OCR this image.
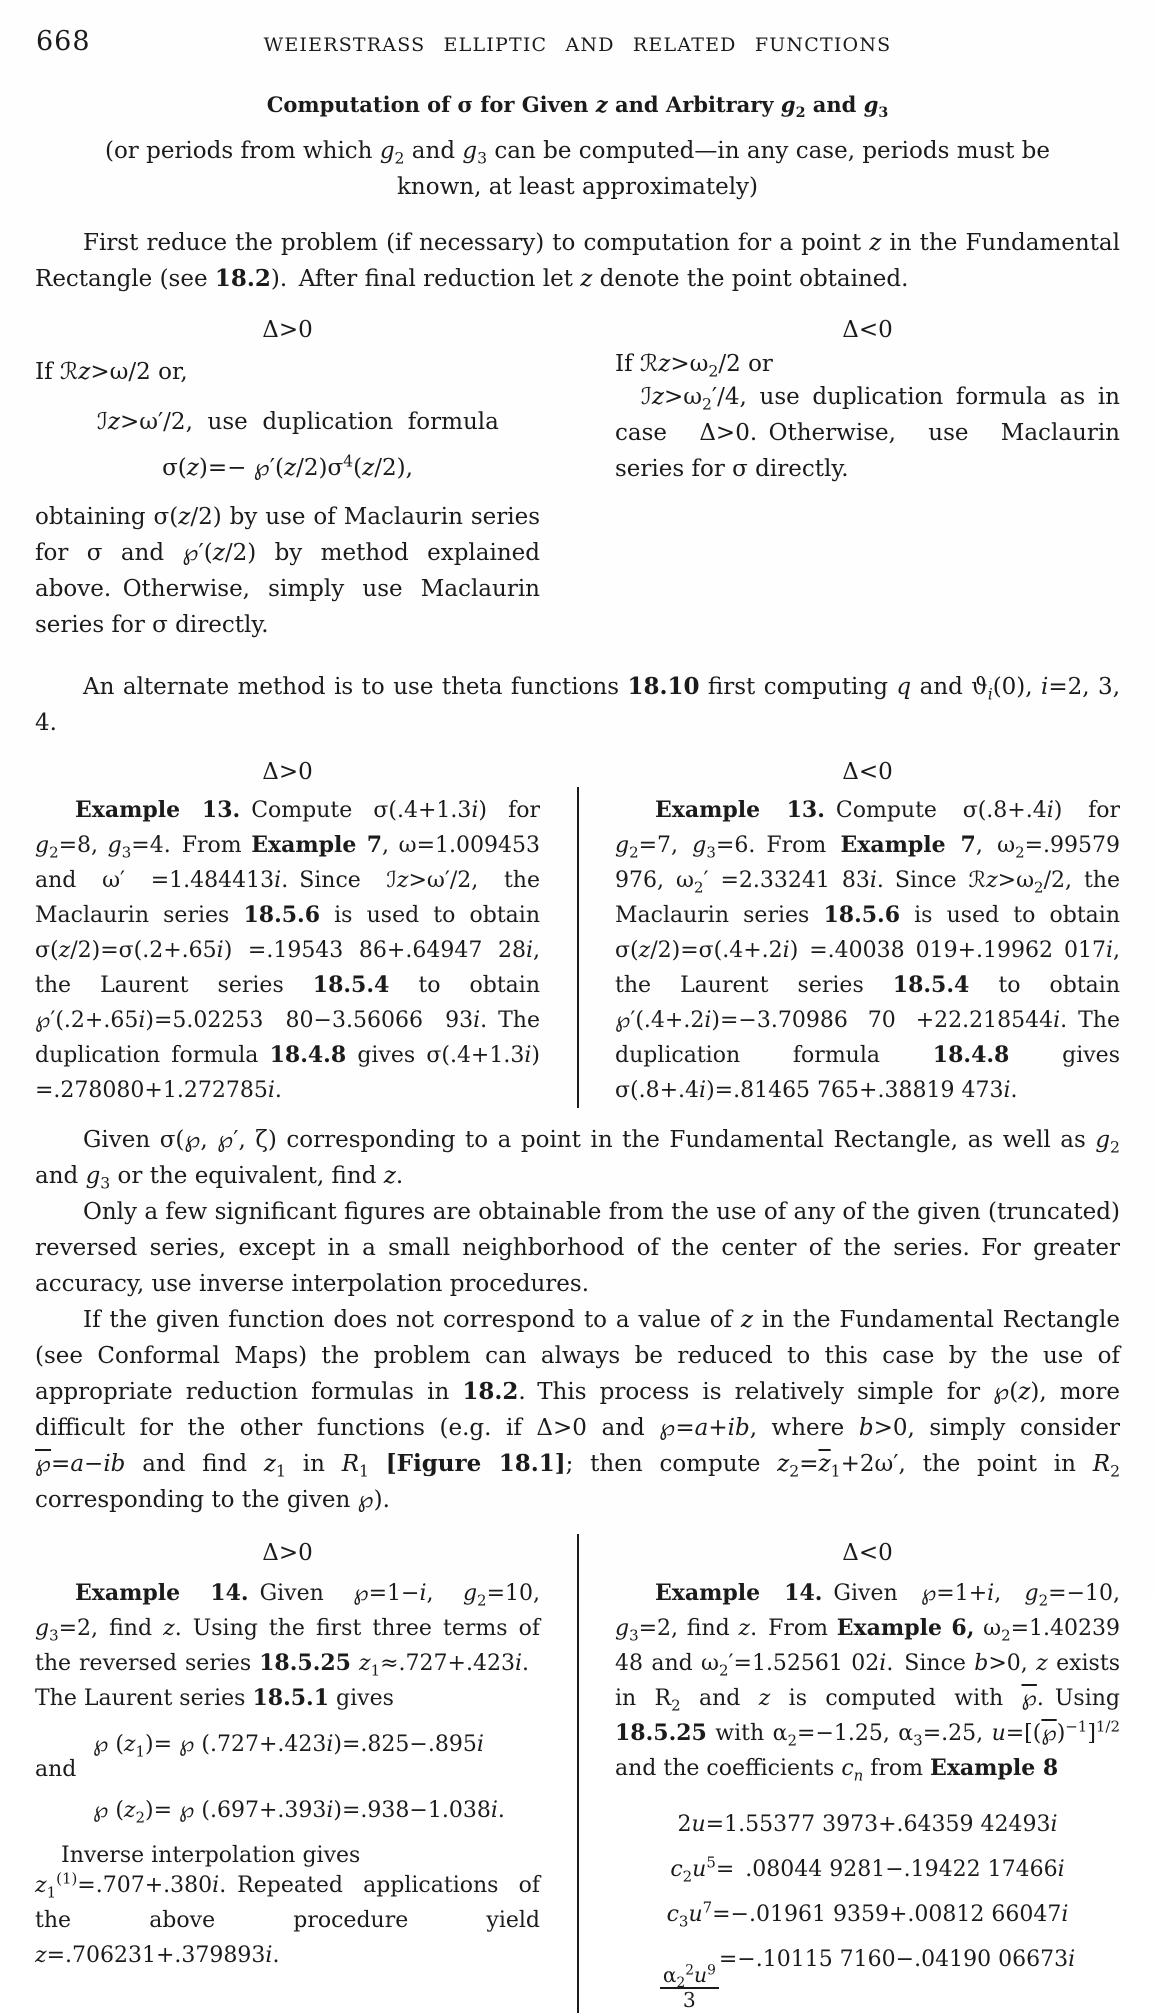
668	WEIERSTRASS ELLIPTIC AND RELATED FUNCTIONS
Computation of σ for Given z and Arbitrary $g_2$ and $g_3$

(or periods from which $g_2$ and $g_3$ can be computed—in any case, periods must be known, at least approximately)

First reduce the problem (if necessary) to computation for a point z in the Fundamental Rectangle (see 18.2). After final reduction let z denote the point obtained.

Δ>0

If ℛz>ω/2 or,

ℐz>ω′/2,  use  duplication  formula

$\sigma(z)=- ℘'(z/2)\sigma^4(z/2)$,

obtaining σ(z/2) by use of Maclaurin series for σ and ℘′(z/2) by method explained above. Otherwise, simply use Maclaurin series for σ directly.

Δ<0

If $ℛz>\omega_2/2$ or

$ℐz>\omega_2'/4$, use duplication formula as in case Δ>0. Otherwise, use Maclaurin series for σ directly.

An alternate method is to use theta functions 18.10 first computing q and $ϑ_i(0)$, i=2, 3, 4.

Δ>0	Δ<0

Example 13. Compute σ(.4+1.3i) for $g_2=8$, $g_3=4$. From Example 7, ω=1.009453 and ω′ =1.484413i. Since ℐz>ω′/2, the Maclaurin series 18.5.6 is used to obtain σ(z/2)=σ(.2+.65i) =.19543 86+.64947 28i, the Laurent series 18.5.4 to obtain ℘′(.2+.65i)=5.02253 80−3.56066 93i. The duplication formula 18.4.8 gives σ(.4+1.3i) =.278080+1.272785i.

Example 13. Compute σ(.8+.4i) for $g_2=7$, $g_3=6$. From Example 7, $\omega_2=.99579$ 976, $\omega_2' =2.33241$ 83i. Since $ℛz>\omega_2/2$, the Maclaurin series 18.5.6 is used to obtain σ(z/2)=σ(.4+.2i) =.40038 019+.19962 017i, the Laurent series 18.5.4 to obtain ℘′(.4+.2i)=−3.70986 70 +22.218544i. The duplication formula 18.4.8 gives σ(.8+.4i)=.81465 765+.38819 473i.

Given σ(℘, ℘′, ζ) corresponding to a point in the Fundamental Rectangle, as well as $g_2$ and $g_3$ or the equivalent, find z.

Only a few significant figures are obtainable from the use of any of the given (truncated) reversed series, except in a small neighborhood of the center of the series. For greater accuracy, use inverse interpolation procedures.

If the given function does not correspond to a value of z in the Fundamental Rectangle (see Conformal Maps) the problem can always be reduced to this case by the use of appropriate reduction formulas in 18.2. This process is relatively simple for ℘(z), more difficult for the other functions (e.g. if Δ>0 and ℘=a+ib, where b>0, simply consider ℘=a−ib and find $z_1$ in $R_1$ [Figure 18.1]; then compute $z_2=\overline{z}_1+2\omega'$, the point in $R_2$ corresponding to the given ℘).

Δ>0

Example 14. Given ℘=1−i, $g_2=10$, $g_3=2$, find z. Using the first three terms of the reversed series 18.5.25 $z_1\approx.727+.423i$. The Laurent series 18.5.1 gives

℘ $(z_1)=$ ℘ (.727+.423i)=.825−.895i

and

℘ $(z_2)=$ ℘ (.697+.393i)=.938−1.038i.

Inverse interpolation gives

$z_1^{(1)}=.707+.380i$. Repeated applications of the above procedure yield z=.706231+.379893i.

Δ<0

Example 14. Given ℘=1+i, $g_2=-10$, $g_3=2$, find z. From Example 6, $\omega_2=1.40239$ 48 and $\omega_2'=1.52561$ 02i. Since b>0, z exists in $R_2$ and z is computed with ℘. Using 18.5.25 with $\alpha_2=-1.25$, $\alpha_3=.25$, u=[(℘)$^{-1}$]$^{1/2}$ and the coefficients $c_n$ from Example 8

2u=1.55377 3973+.64359 42493i

$c_2u^5=$ .08044 9281−.19422 17466i

$c_3u^7=-.01961$ 9359+.00812 66047i

$\frac{\alpha_2^2u^9}{3}$
=−.10115 7160−.04190 06673i
